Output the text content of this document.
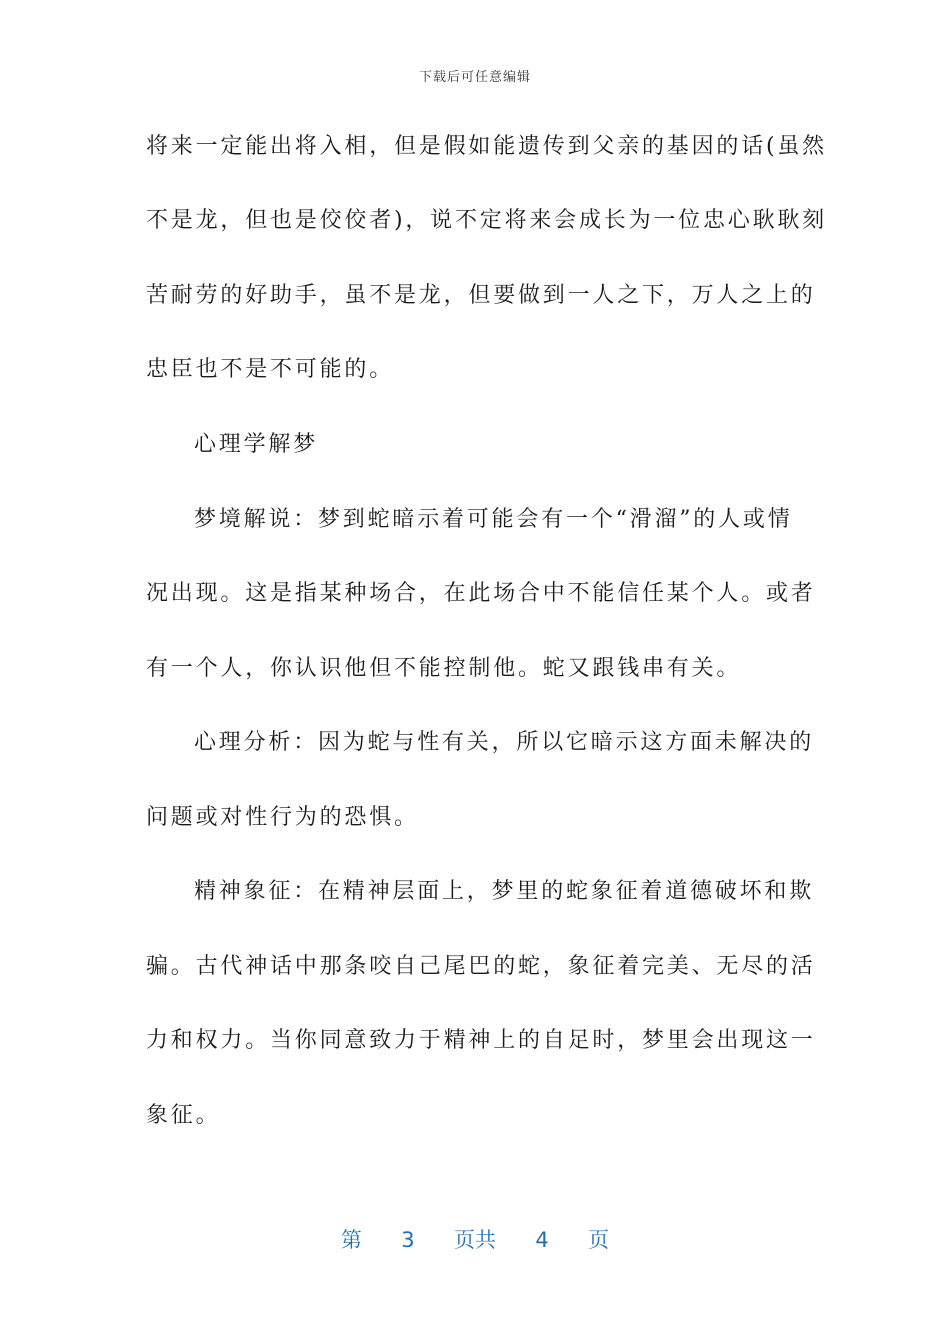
下载后可任意编辑
将来一定能出将入相，但是假如能遗传到父亲的基因的话(虽然
不是龙，但也是佼佼者)，说不定将来会成长为一位忠心耿耿刻
苦耐劳的好助手，虽不是龙，但要做到一人之下，万人之上的
忠臣也不是不可能的。
心理学解梦
梦境解说：梦到蛇暗示着可能会有一个“滑溜”的人或情
况出现。这是指某种场合，在此场合中不能信任某个人。或者
有一个人，你认识他但不能控制他。蛇又跟钱串有关。
心理分析：因为蛇与性有关，所以它暗示这方面未解决的
问题或对性行为的恐惧。
精神象征：在精神层面上，梦里的蛇象征着道德破坏和欺
骗。古代神话中那条咬自己尾巴的蛇，象征着完美、无尽的活
力和权力。当你同意致力于精神上的自足时，梦里会出现这一
象征。
第 3 页共 4 页
